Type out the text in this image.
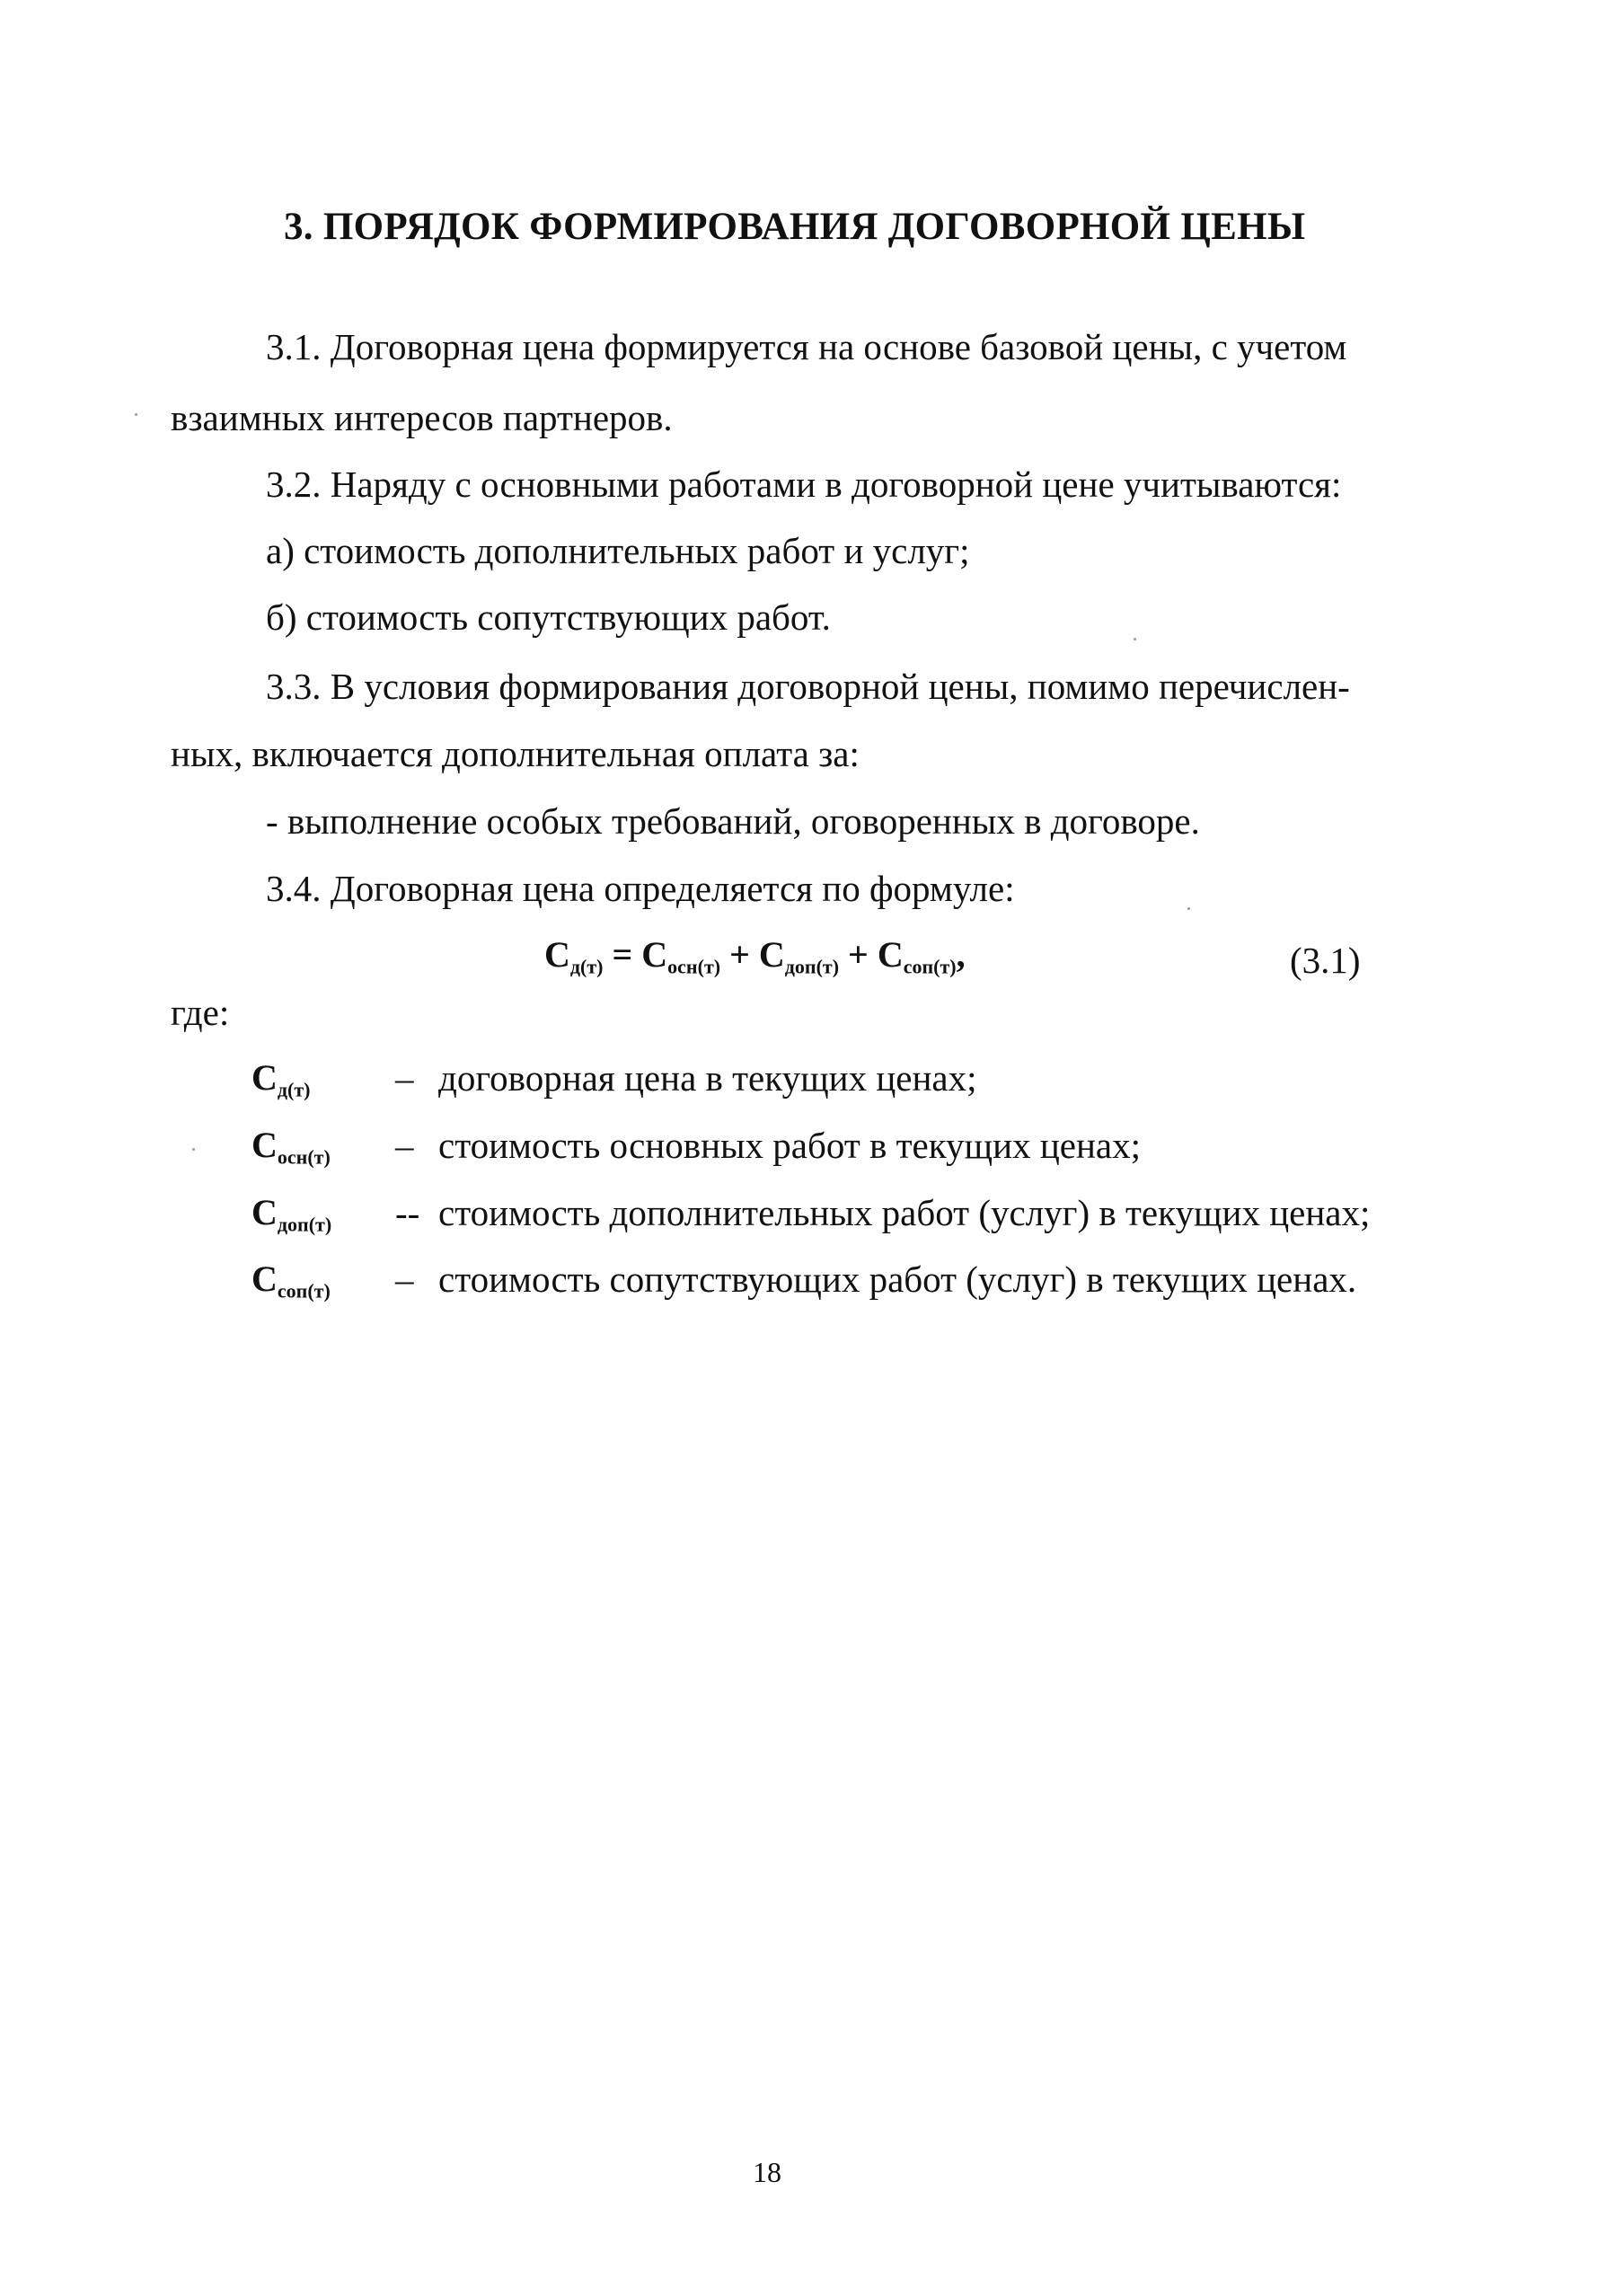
3. ПОРЯДОК ФОРМИРОВАНИЯ ДОГОВОРНОЙ ЦЕНЫ
3.1. Договорная цена формируется на основе базовой цены, с учетом
взаимных интересов партнеров.
3.2. Наряду с основными работами в договорной цене учитываются:
а) стоимость дополнительных работ и услуг;
б) стоимость сопутствующих работ.
3.3. В условия формирования договорной цены, помимо перечислен-
ных, включается дополнительная оплата за:
- выполнение особых требований, оговоренных в договоре.
3.4. Договорная цена определяется по формуле:
$С_{д(т)} = С_{осн(т)} + С_{доп(т)} + С_{соп(т)}$,	(3.1)
где:
$С_{д(т)}$ – договорная цена в текущих ценах;
$С_{осн(т)}$ – стоимость основных работ в текущих ценах;
$С_{доп(т)}$ -- стоимость дополнительных работ (услуг) в текущих ценах;
$С_{соп(т)}$ – стоимость сопутствующих работ (услуг) в текущих ценах.
18
